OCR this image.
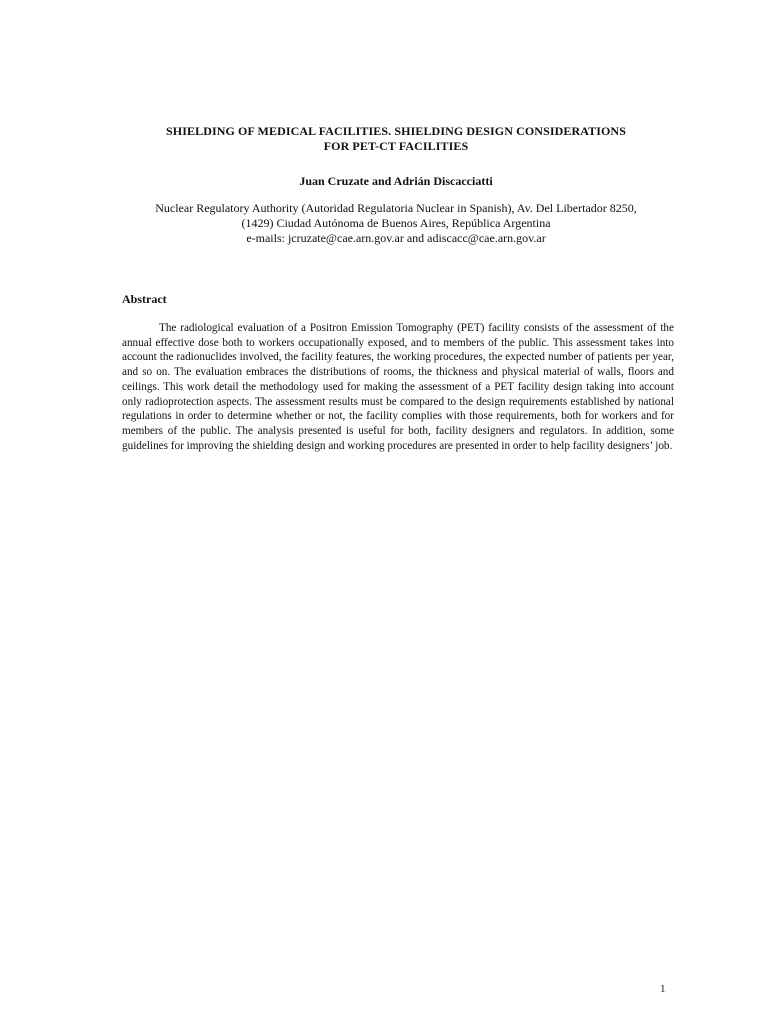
SHIELDING OF MEDICAL FACILITIES. SHIELDING DESIGN CONSIDERATIONS
FOR PET-CT FACILITIES
Juan Cruzate and Adrián Discacciatti
Nuclear Regulatory Authority (Autoridad Regulatoria Nuclear in Spanish), Av. Del Libertador 8250,
(1429) Ciudad Autónoma de Buenos Aires, República Argentina
e-mails: jcruzate@cae.arn.gov.ar and adiscacc@cae.arn.gov.ar
Abstract

The radiological evaluation of a Positron Emission Tomography (PET) facility consists of the assessment of the annual effective dose both to workers occupationally exposed, and to members of the public. This assessment takes into account the radionuclides involved, the facility features, the working procedures, the expected number of patients per year, and so on. The evaluation embraces the distributions of rooms, the thickness and physical material of walls, floors and ceilings. This work detail the methodology used for making the assessment of a PET facility design taking into account only radioprotection aspects. The assessment results must be compared to the design requirements established by national regulations in order to determine whether or not, the facility complies with those requirements, both for workers and for members of the public. The analysis presented is useful for both, facility designers and regulators. In addition, some guidelines for improving the shielding design and working procedures are presented in order to help facility designers’ job.

1
